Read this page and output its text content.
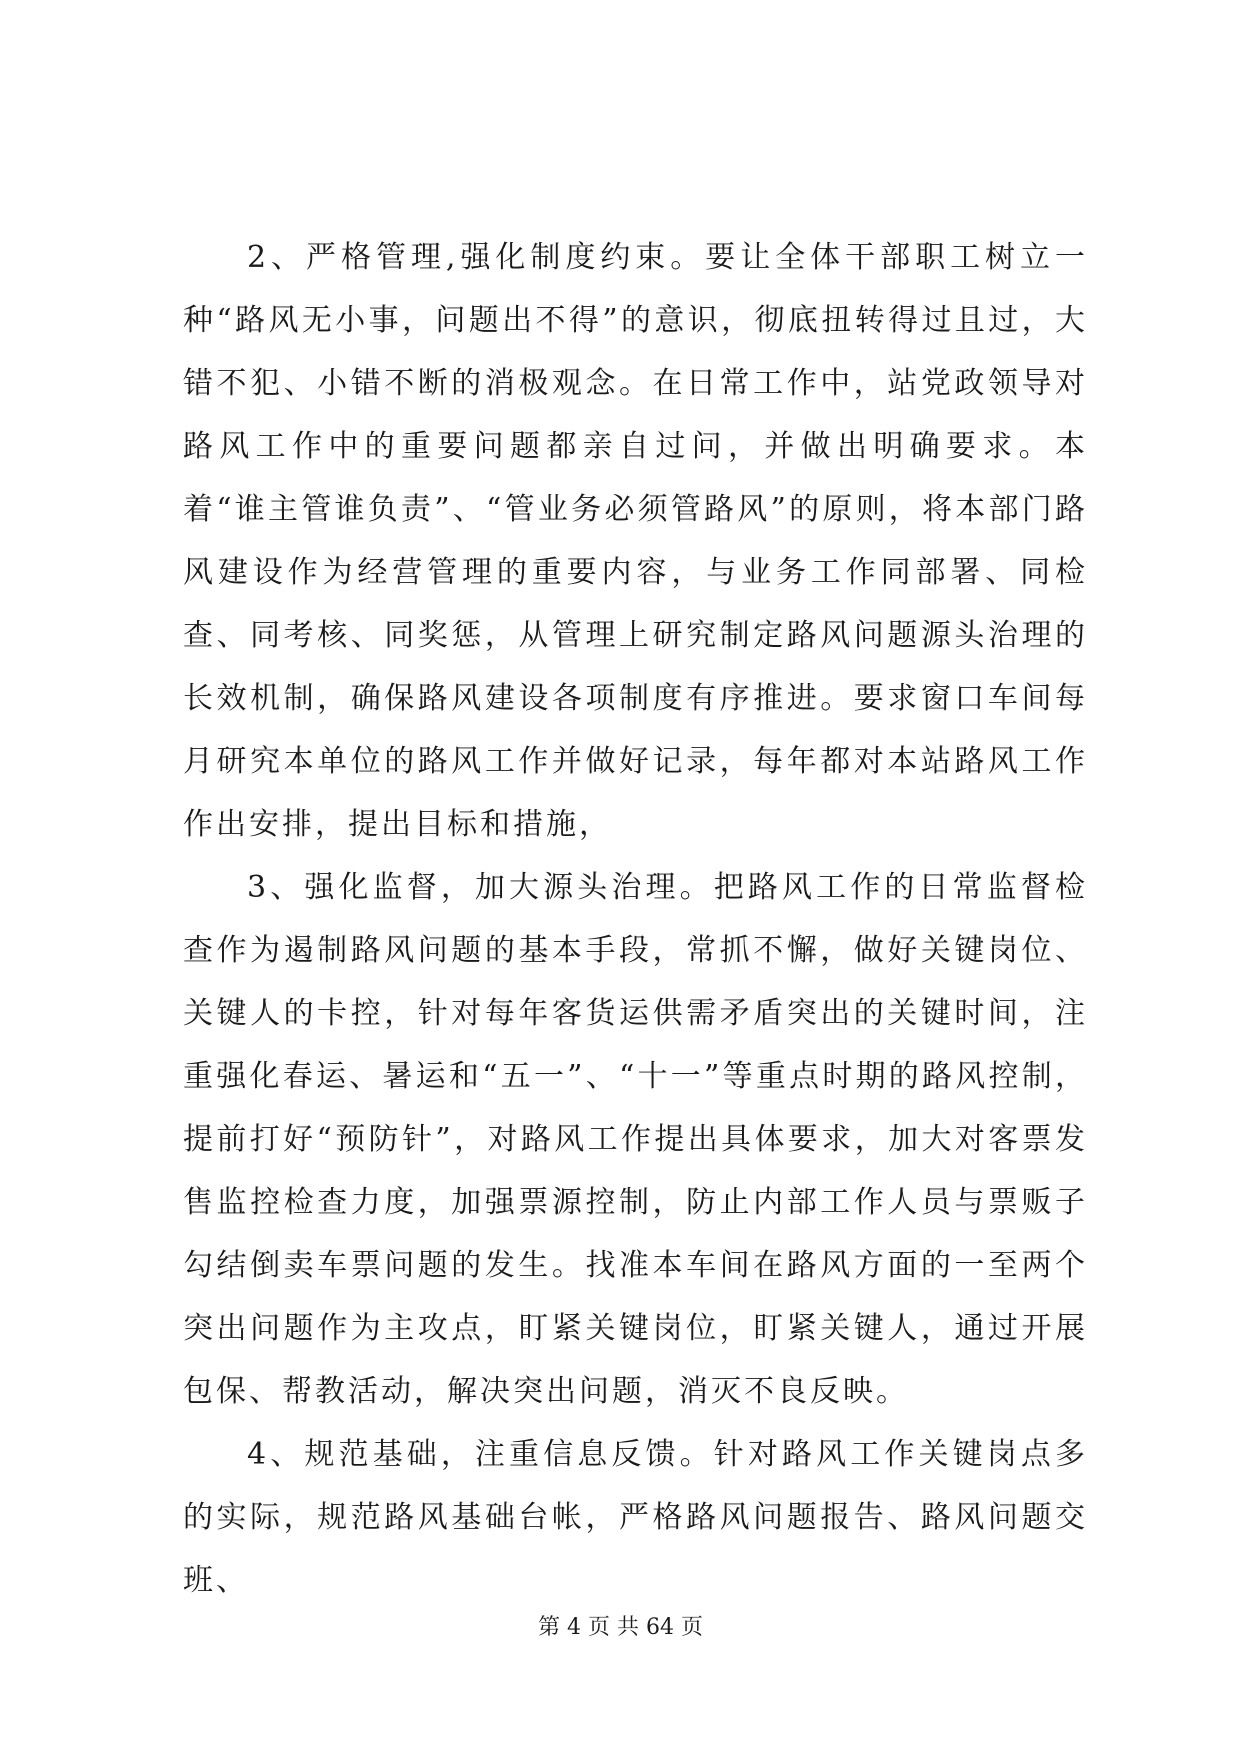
2、严格管理,强化制度约束。要让全体干部职工树立一种“路风无小事，问题出不得”的意识，彻底扭转得过且过，大错不犯、小错不断的消极观念。在日常工作中，站党政领导对路风工作中的重要问题都亲自过问，并做出明确要求。本着“谁主管谁负责”、“管业务必须管路风”的原则，将本部门路风建设作为经营管理的重要内容，与业务工作同部署、同检查、同考核、同奖惩，从管理上研究制定路风问题源头治理的长效机制，确保路风建设各项制度有序推进。要求窗口车间每月研究本单位的路风工作并做好记录，每年都对本站路风工作作出安排，提出目标和措施，

3、强化监督，加大源头治理。把路风工作的日常监督检查作为遏制路风问题的基本手段，常抓不懈，做好关键岗位、关键人的卡控，针对每年客货运供需矛盾突出的关键时间，注重强化春运、暑运和“五一”、“十一”等重点时期的路风控制，提前打好“预防针”，对路风工作提出具体要求，加大对客票发售监控检查力度，加强票源控制，防止内部工作人员与票贩子勾结倒卖车票问题的发生。找准本车间在路风方面的一至两个突出问题作为主攻点，盯紧关键岗位，盯紧关键人，通过开展包保、帮教活动，解决突出问题，消灭不良反映。

4、规范基础，注重信息反馈。针对路风工作关键岗点多的实际，规范路风基础台帐，严格路风问题报告、路风问题交班、

第 4 页 共 64 页
